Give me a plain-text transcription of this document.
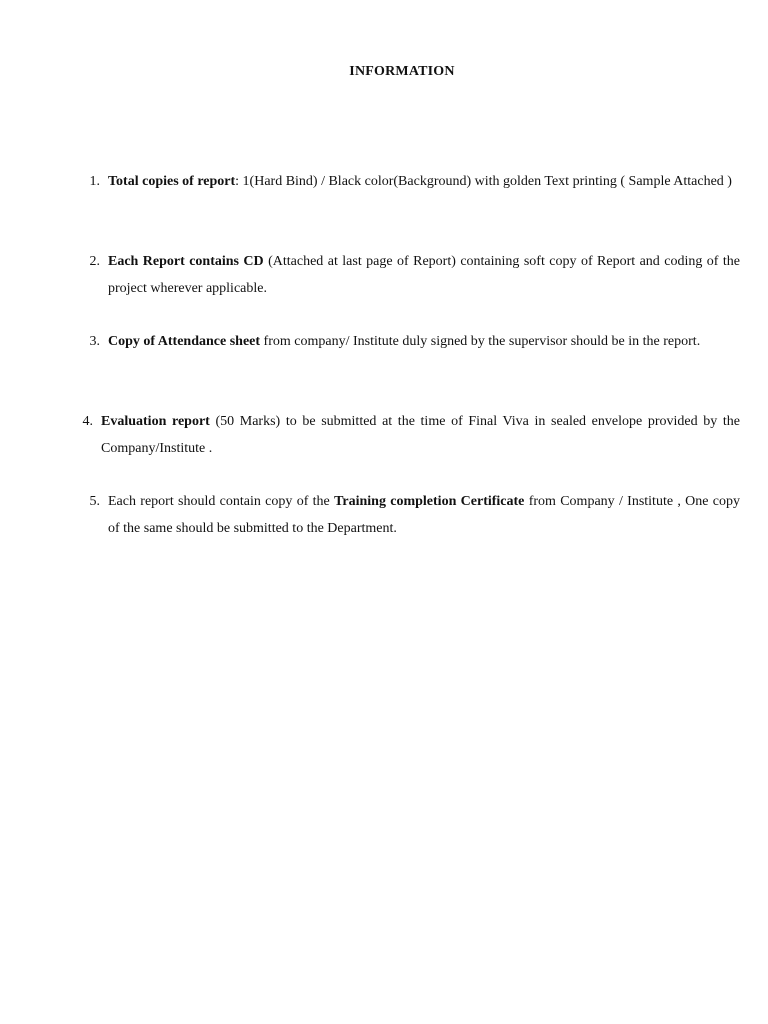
INFORMATION
1. Total copies of report: 1(Hard Bind) / Black color(Background) with golden Text printing ( Sample Attached )
2. Each Report contains CD (Attached at last page of Report) containing soft copy of Report and coding of the project wherever applicable.
3. Copy of Attendance sheet from company/ Institute duly signed by the supervisor should be in the report.
4. Evaluation report (50 Marks) to be submitted at the time of Final Viva in sealed envelope provided by the Company/Institute .
5. Each report should contain copy of the Training completion Certificate from Company / Institute , One copy of the same should be submitted to the Department.
